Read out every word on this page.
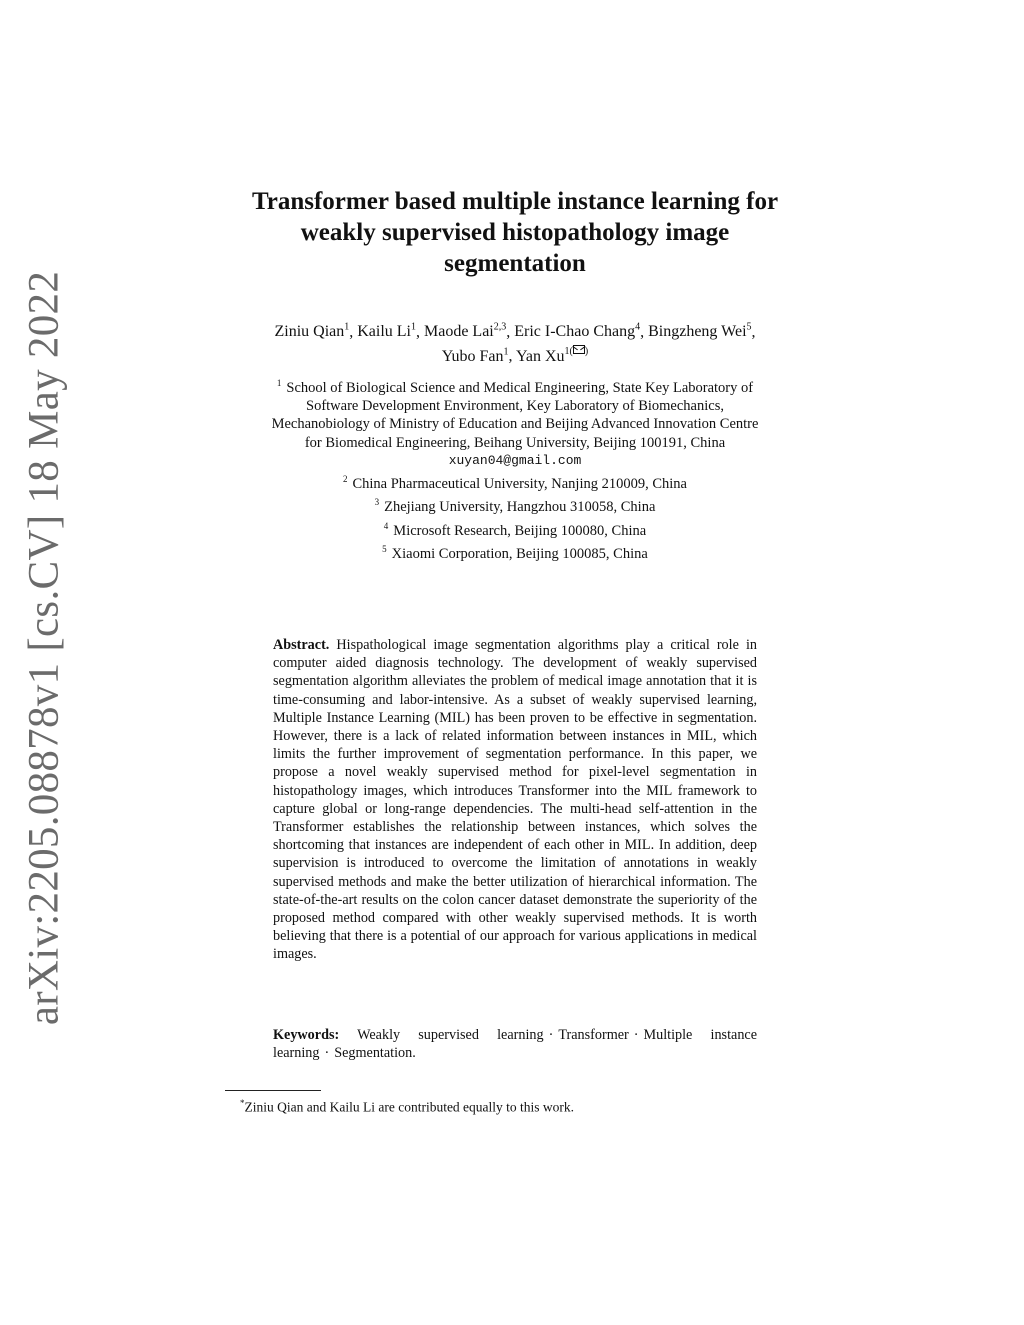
arXiv:2205.08878v1 [cs.CV] 18 May 2022
Transformer based multiple instance learning for
weakly supervised histopathology image
segmentation
Ziniu Qian$^1$, Kailu Li$^1$, Maode Lai$^{2,3}$, Eric I-Chao Chang$^4$, Bingzheng Wei$^5$,
Yubo Fan$^1$, Yan $Xu^{1( )}$
$^1$ School of Biological Science and Medical Engineering, State Key Laboratory of
Software Development Environment, Key Laboratory of Biomechanics,
Mechanobiology of Ministry of Education and Beijing Advanced Innovation Centre
for Biomedical Engineering, Beihang University, Beijing 100191, China
xuyan04@gmail.com
$^2$ China Pharmaceutical University, Nanjing 210009, China
$^3$ Zhejiang University, Hangzhou 310058, China
$^4$ Microsoft Research, Beijing 100080, China
$^5$ Xiaomi Corporation, Beijing 100085, China
Abstract. Hispathological image segmentation algorithms play a critical role in computer aided diagnosis technology. The development of weakly supervised segmentation algorithm alleviates the problem of medical image annotation that it is time-consuming and labor-intensive. As a subset of weakly supervised learning, Multiple Instance Learning (MIL) has been proven to be effective in segmentation. However, there is a lack of related information between instances in MIL, which limits the further improvement of segmentation performance. In this paper, we propose a novel weakly supervised method for pixel-level segmentation in histopathology images, which introduces Transformer into the MIL framework to capture global or long-range dependencies. The multi-head self-attention in the Transformer establishes the relationship between instances, which solves the shortcoming that instances are independent of each other in MIL. In addition, deep supervision is introduced to overcome the limitation of annotations in weakly supervised methods and make the better utilization of hierarchical information. The state-of-the-art results on the colon cancer dataset demonstrate the superiority of the proposed method compared with other weakly supervised methods. It is worth believing that there is a potential of our approach for various applications in medical images.
Keywords: Weakly supervised learning · Transformer · Multiple instance learning · Segmentation.
*Ziniu Qian and Kailu Li are contributed equally to this work.
